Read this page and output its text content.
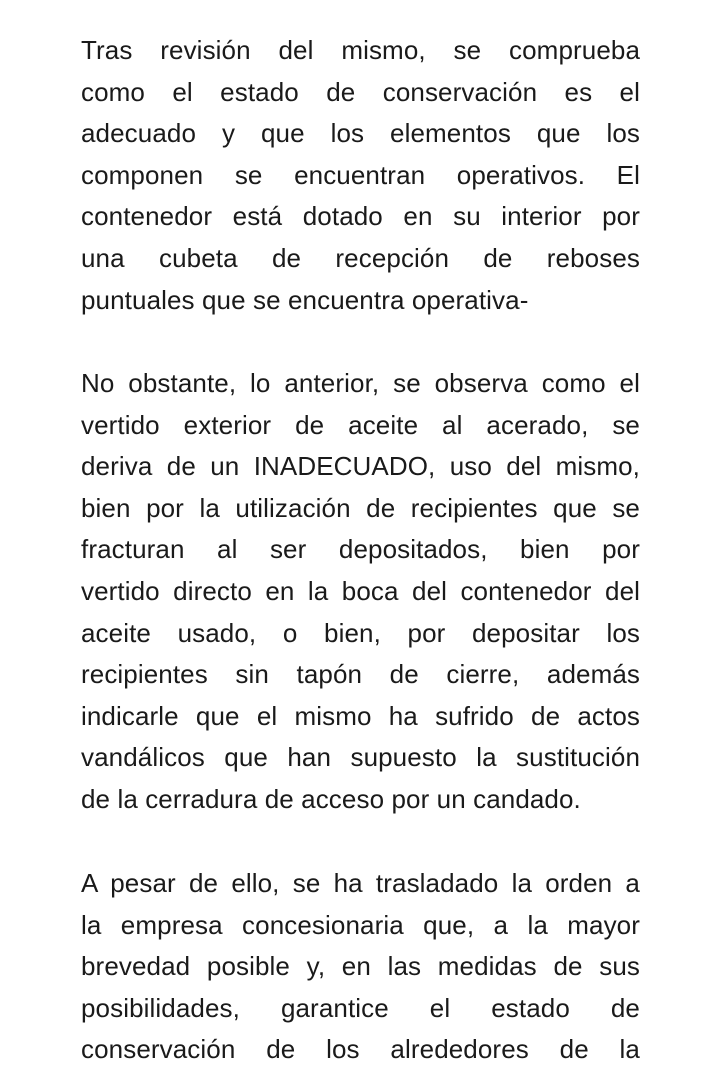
Tras revisión del mismo, se comprueba
como el estado de conservación es el
adecuado y que los elementos que los
componen se encuentran operativos. El
contenedor está dotado en su interior por
una cubeta de recepción de reboses
puntuales que se encuentra operativa-
No obstante, lo anterior, se observa como el
vertido exterior de aceite al acerado, se
deriva de un INADECUADO, uso del mismo,
bien por la utilización de recipientes que se
fracturan al ser depositados, bien por
vertido directo en la boca del contenedor del
aceite usado, o bien, por depositar los
recipientes sin tapón de cierre, además
indicarle que el mismo ha sufrido de actos
vandálicos que han supuesto la sustitución
de la cerradura de acceso por un candado.
A pesar de ello, se ha trasladado la orden a
la empresa concesionaria que, a la mayor
brevedad posible y, en las medidas de sus
posibilidades, garantice el estado de
conservación de los alrededores de la
